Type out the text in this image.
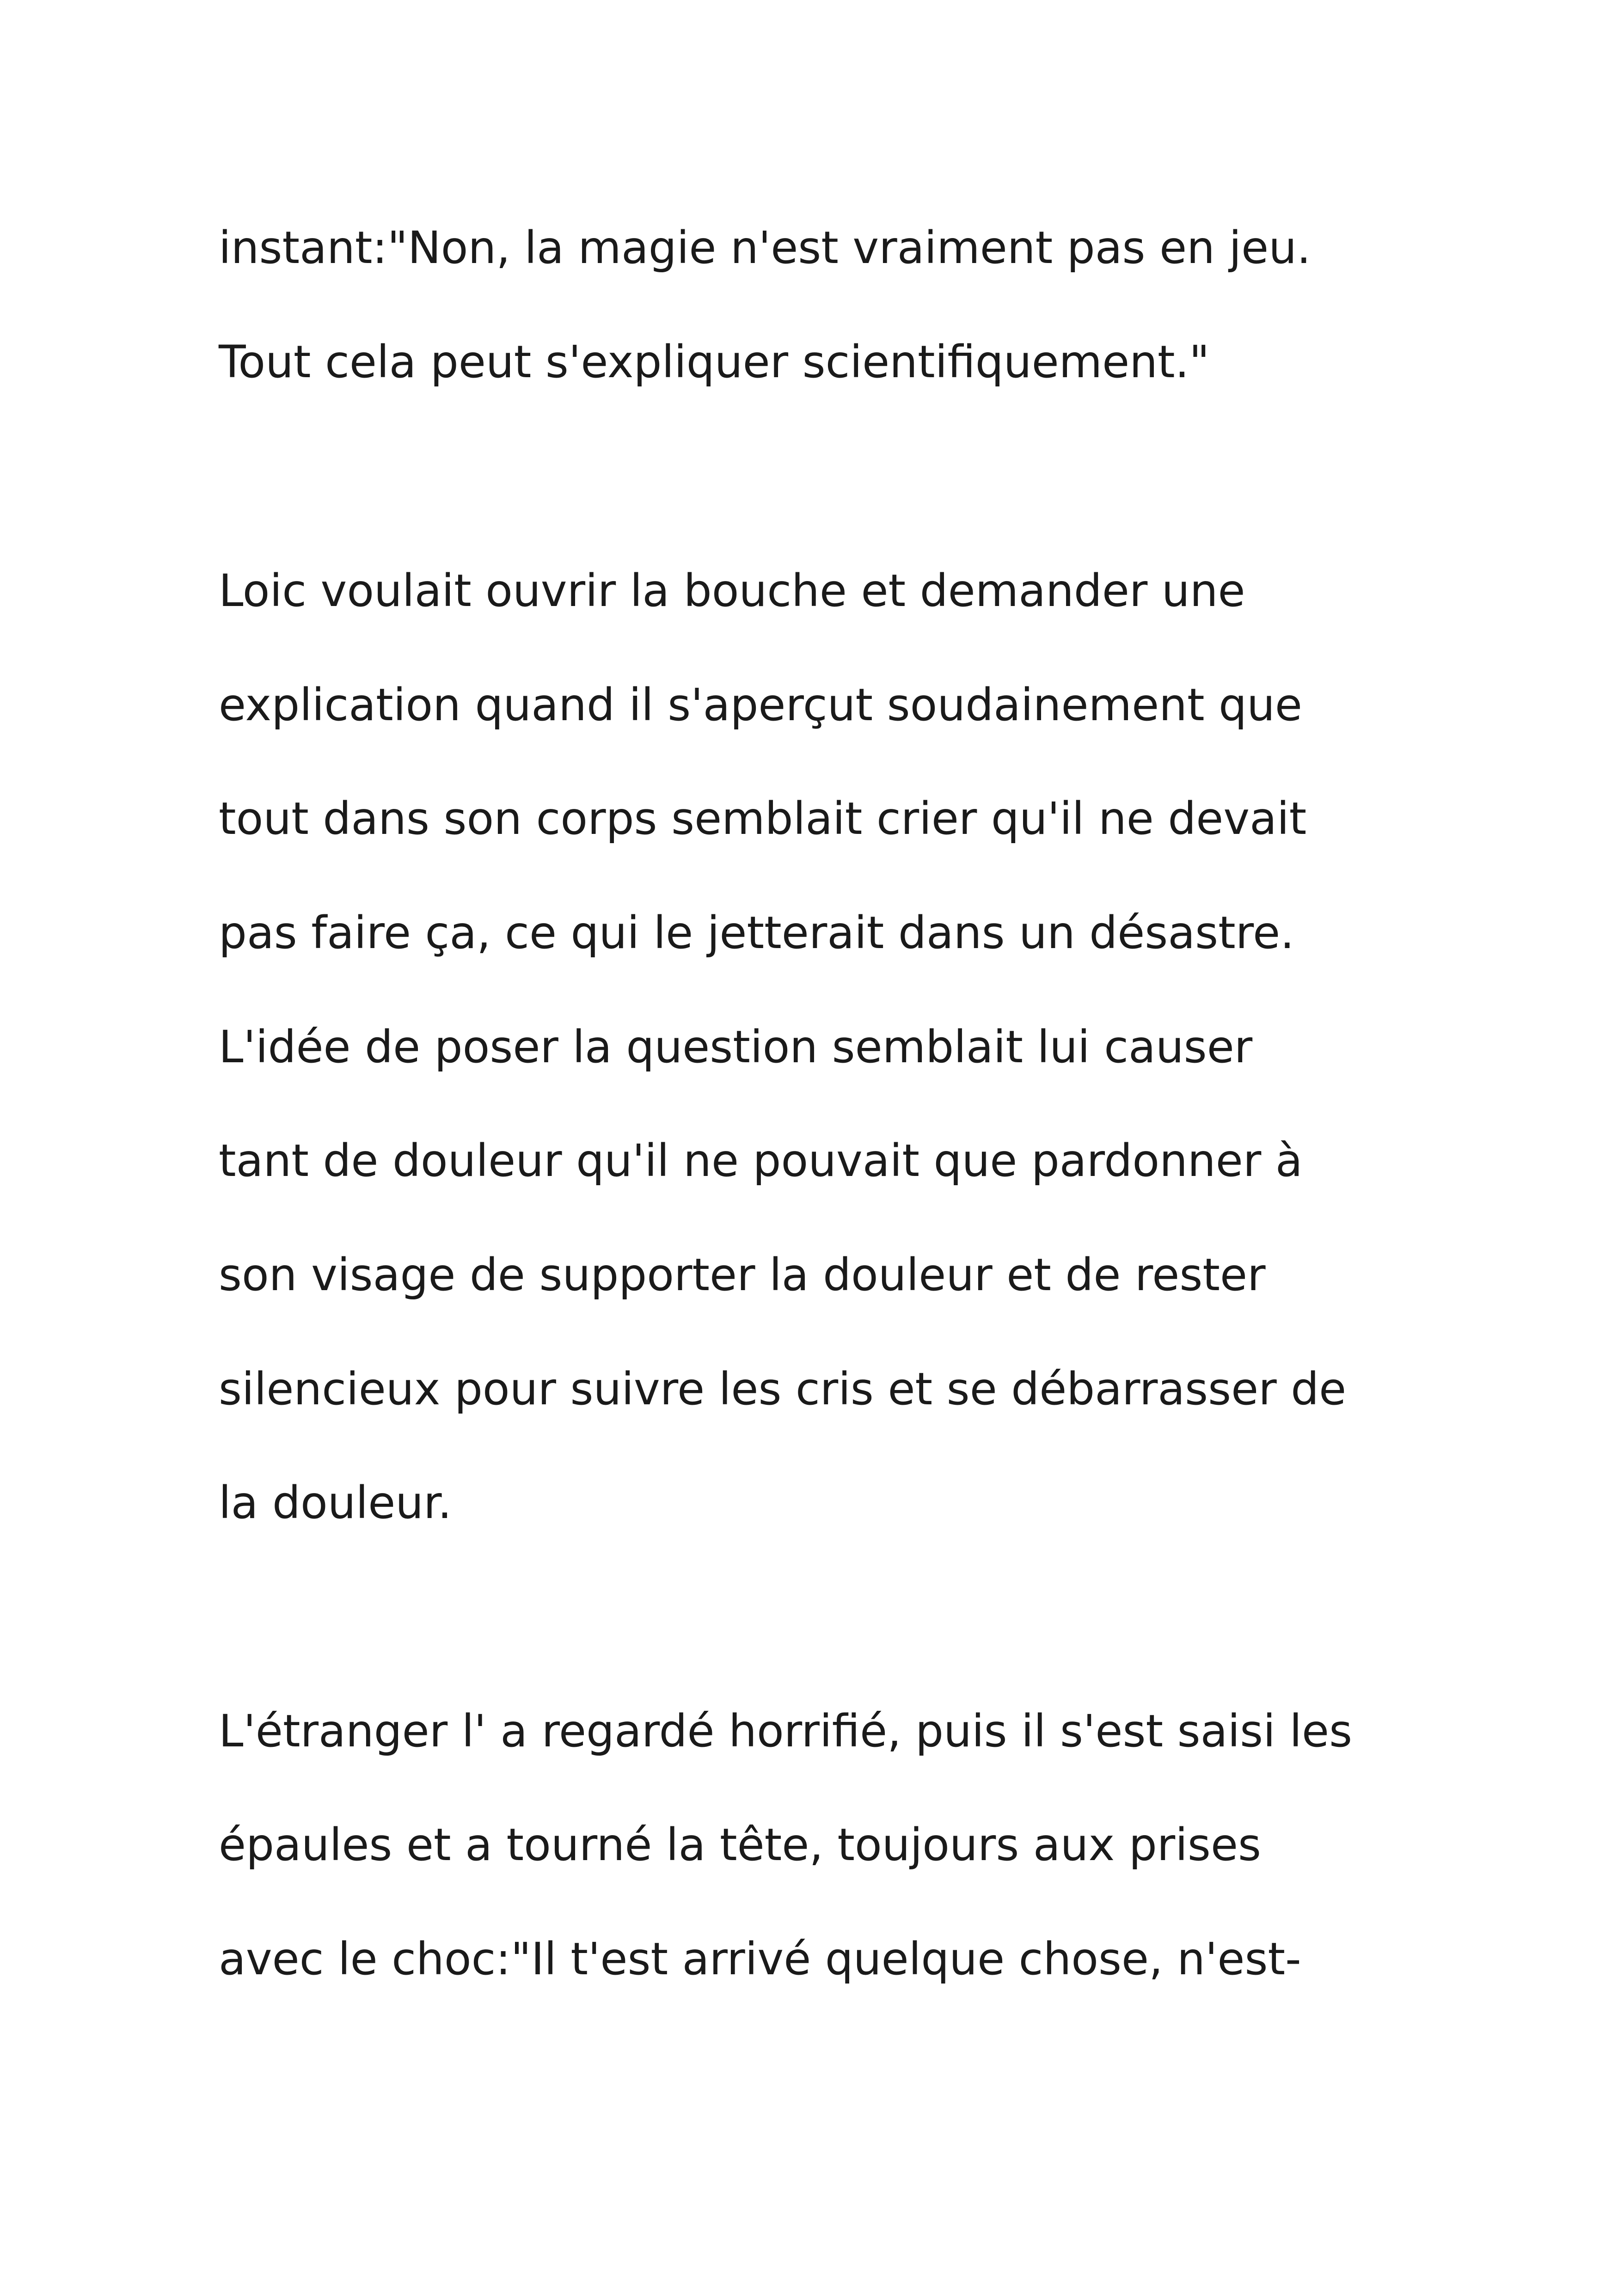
instant:"Non, la magie n'est vraiment pas en jeu.

Tout cela peut s'expliquer scientifiquement."

Loic voulait ouvrir la bouche et demander une

explication quand il s'aperçut soudainement que

tout dans son corps semblait crier qu'il ne devait

pas faire ça, ce qui le jetterait dans un désastre.

L'idée de poser la question semblait lui causer

tant de douleur qu'il ne pouvait que pardonner à

son visage de supporter la douleur et de rester

silencieux pour suivre les cris et se débarrasser de

la douleur.

L'étranger l' a regardé horrifié, puis il s'est saisi les

épaules et a tourné la tête, toujours aux prises

avec le choc:"Il t'est arrivé quelque chose, n'est-
